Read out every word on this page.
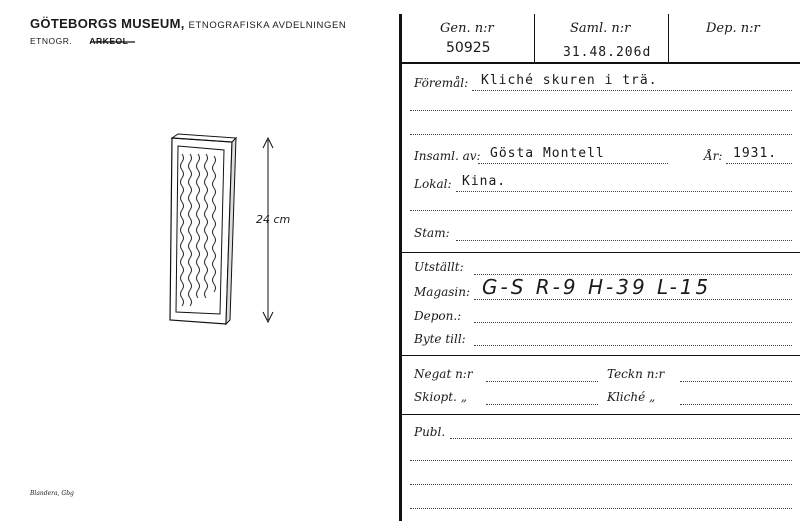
GÖTEBORGS MUSEUM, ETNOGRAFISKA AVDELNINGEN
ETNOGR. ARKEOL
24 cm
Blandera, Gbg
Gen. n:r
50925
Saml. n:r
31.48.206d
Dep. n:r
Föremål: Kliché skuren i trä.
Insaml. av: Gösta Montell	År: 1931.
Lokal: Kina.
Stam:
Utställt:
Magasin: G-S R-9 H-39 L-15
Depon.:
Byte till:
Negat n:r	Teckn n:r
Skiopt. „	Kliché „
Publ.
